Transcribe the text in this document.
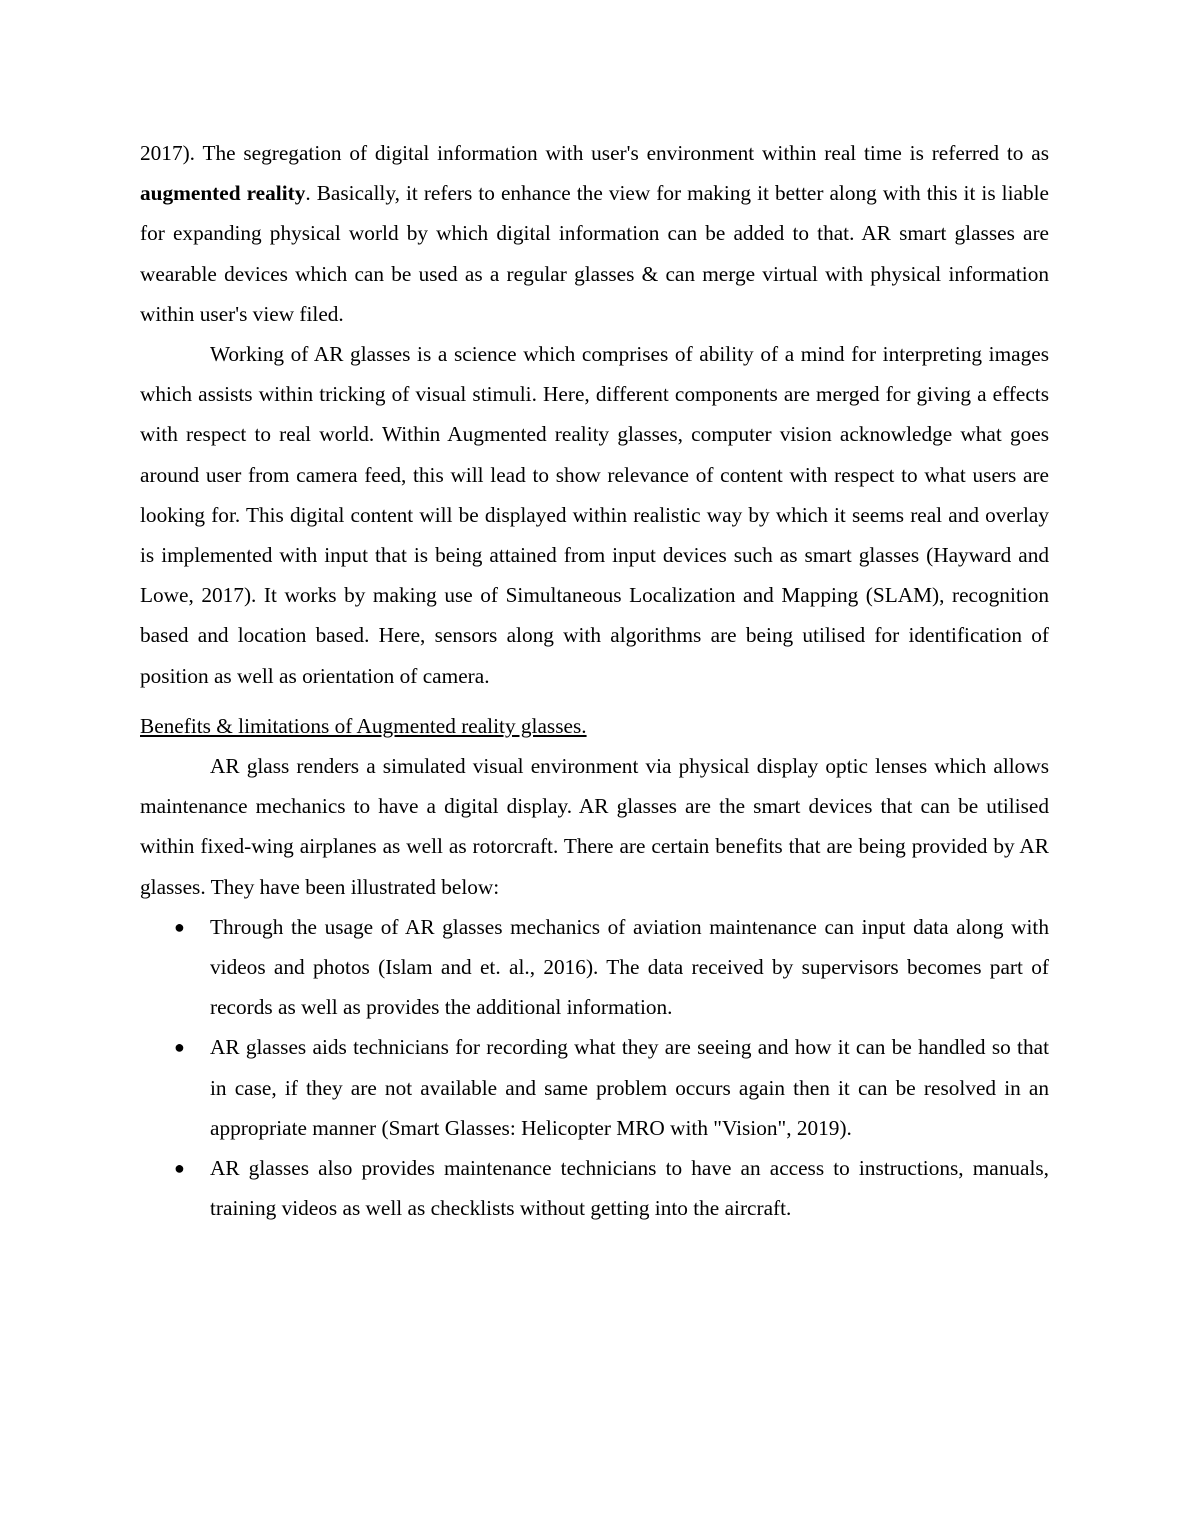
2017). The segregation of digital information with user's environment within real time is referred to as augmented reality. Basically, it refers to enhance the view for making it better along with this it is liable for expanding physical world by which digital information can be added to that. AR smart glasses are wearable devices which can be used as a regular glasses & can merge virtual with physical information within user's view filed.

Working of AR glasses is a science which comprises of ability of a mind for interpreting images which assists within tricking of visual stimuli. Here, different components are merged for giving a effects with respect to real world. Within Augmented reality glasses, computer vision acknowledge what goes around user from camera feed, this will lead to show relevance of content with respect to what users are looking for. This digital content will be displayed within realistic way by which it seems real and overlay is implemented with input that is being attained from input devices such as smart glasses (Hayward and Lowe, 2017). It works by making use of Simultaneous Localization and Mapping (SLAM), recognition based and location based. Here, sensors along with algorithms are being utilised for identification of position as well as orientation of camera.

Benefits & limitations of Augmented reality glasses.

AR glass renders a simulated visual environment via physical display optic lenses which allows maintenance mechanics to have a digital display. AR glasses are the smart devices that can be utilised within fixed-wing airplanes as well as rotorcraft. There are certain benefits that are being provided by AR glasses. They have been illustrated below:

● Through the usage of AR glasses mechanics of aviation maintenance can input data along with videos and photos (Islam and et. al., 2016). The data received by supervisors becomes part of records as well as provides the additional information.
● AR glasses aids technicians for recording what they are seeing and how it can be handled so that in case, if they are not available and same problem occurs again then it can be resolved in an appropriate manner (Smart Glasses: Helicopter MRO with "Vision", 2019).
● AR glasses also provides maintenance technicians to have an access to instructions, manuals, training videos as well as checklists without getting into the aircraft.
